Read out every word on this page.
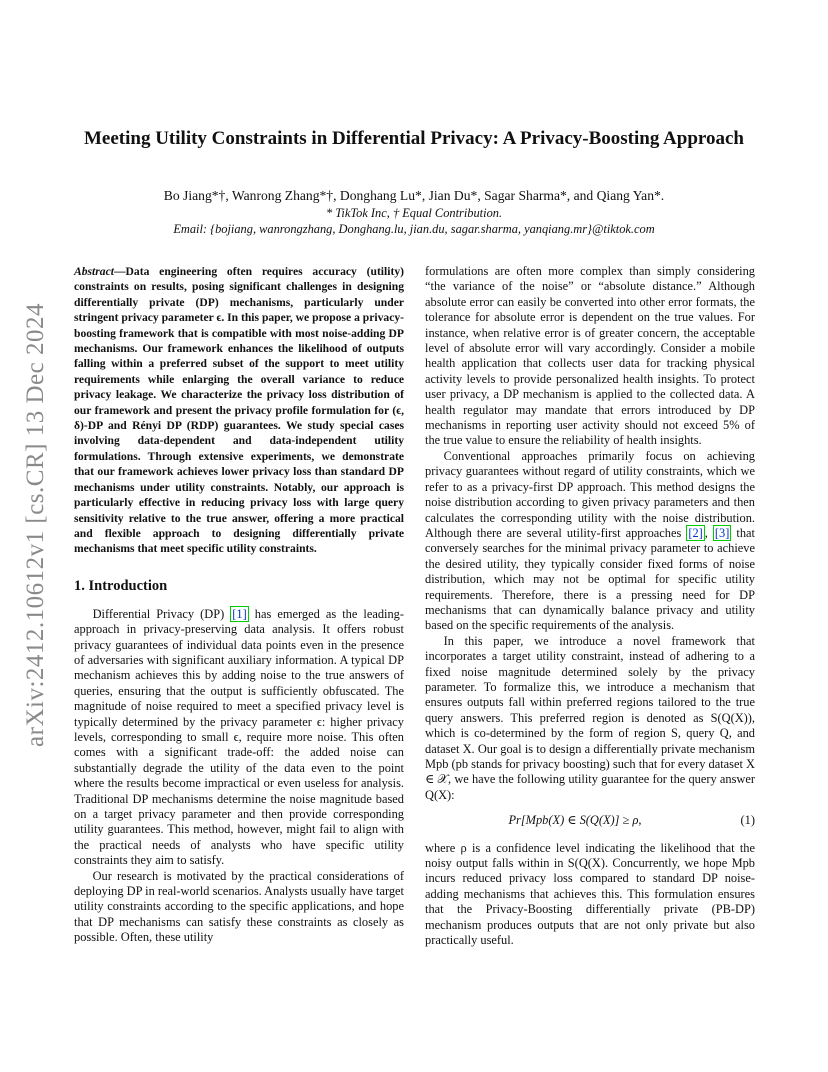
arXiv:2412.10612v1 [cs.CR] 13 Dec 2024
Meeting Utility Constraints in Differential Privacy: A Privacy-Boosting Approach
Bo Jiang*†, Wanrong Zhang*†, Donghang Lu*, Jian Du*, Sagar Sharma*, and Qiang Yan*.
* TikTok Inc, † Equal Contribution.
Email: {bojiang, wanrongzhang, Donghang.lu, jian.du, sagar.sharma, yanqiang.mr}@tiktok.com

Abstract—Data engineering often requires accuracy (utility) constraints on results, posing significant challenges in designing differentially private (DP) mechanisms, particularly under stringent privacy parameter ϵ. In this paper, we propose a privacy-boosting framework that is compatible with most noise-adding DP mechanisms. Our framework enhances the likelihood of outputs falling within a preferred subset of the support to meet utility requirements while enlarging the overall variance to reduce privacy leakage. We characterize the privacy loss distribution of our framework and present the privacy profile formulation for (ϵ, δ)-DP and Rényi DP (RDP) guarantees. We study special cases involving data-dependent and data-independent utility formulations. Through extensive experiments, we demonstrate that our framework achieves lower privacy loss than standard DP mechanisms under utility constraints. Notably, our approach is particularly effective in reducing privacy loss with large query sensitivity relative to the true answer, offering a more practical and flexible approach to designing differentially private mechanisms that meet specific utility constraints.

1. Introduction

Differential Privacy (DP) [1] has emerged as the leading-approach in privacy-preserving data analysis. It offers robust privacy guarantees of individual data points even in the presence of adversaries with significant auxiliary information. A typical DP mechanism achieves this by adding noise to the true answers of queries, ensuring that the output is sufficiently obfuscated. The magnitude of noise required to meet a specified privacy level is typically determined by the privacy parameter ϵ: higher privacy levels, corresponding to small ϵ, require more noise. This often comes with a significant trade-off: the added noise can substantially degrade the utility of the data even to the point where the results become impractical or even useless for analysis. Traditional DP mechanisms determine the noise magnitude based on a target privacy parameter and then provide corresponding utility guarantees. This method, however, might fail to align with the practical needs of analysts who have specific utility constraints they aim to satisfy.

Our research is motivated by the practical considerations of deploying DP in real-world scenarios. Analysts usually have target utility constraints according to the specific applications, and hope that DP mechanisms can satisfy these constraints as closely as possible. Often, these utility

formulations are often more complex than simply considering “the variance of the noise” or “absolute distance.” Although absolute error can easily be converted into other error formats, the tolerance for absolute error is dependent on the true values. For instance, when relative error is of greater concern, the acceptable level of absolute error will vary accordingly. Consider a mobile health application that collects user data for tracking physical activity levels to provide personalized health insights. To protect user privacy, a DP mechanism is applied to the collected data. A health regulator may mandate that errors introduced by DP mechanisms in reporting user activity should not exceed 5% of the true value to ensure the reliability of health insights.

Conventional approaches primarily focus on achieving privacy guarantees without regard of utility constraints, which we refer to as a privacy-first DP approach. This method designs the noise distribution according to given privacy parameters and then calculates the corresponding utility with the noise distribution. Although there are several utility-first approaches [2] , [3] that conversely searches for the minimal privacy parameter to achieve the desired utility, they typically consider fixed forms of noise distribution, which may not be optimal for specific utility requirements. Therefore, there is a pressing need for DP mechanisms that can dynamically balance privacy and utility based on the specific requirements of the analysis.

In this paper, we introduce a novel framework that incorporates a target utility constraint, instead of adhering to a fixed noise magnitude determined solely by the privacy parameter. To formalize this, we introduce a mechanism that ensures outputs fall within preferred regions tailored to the true query answers. This preferred region is denoted as S(Q(X)), which is co-determined by the form of region S, query Q, and dataset X. Our goal is to design a differentially private mechanism Mpb (pb stands for privacy boosting) such that for every dataset X ∈ 𝒳, we have the following utility guarantee for the query answer Q(X):

Pr[Mpb(X) ∈ S(Q(X)] ≥ ρ,	(1)

where ρ is a confidence level indicating the likelihood that the noisy output falls within in S(Q(X). Concurrently, we hope Mpb incurs reduced privacy loss compared to standard DP noise-adding mechanisms that achieves this. This formulation ensures that the Privacy-Boosting differentially private (PB-DP) mechanism produces outputs that are not only private but also practically useful.
